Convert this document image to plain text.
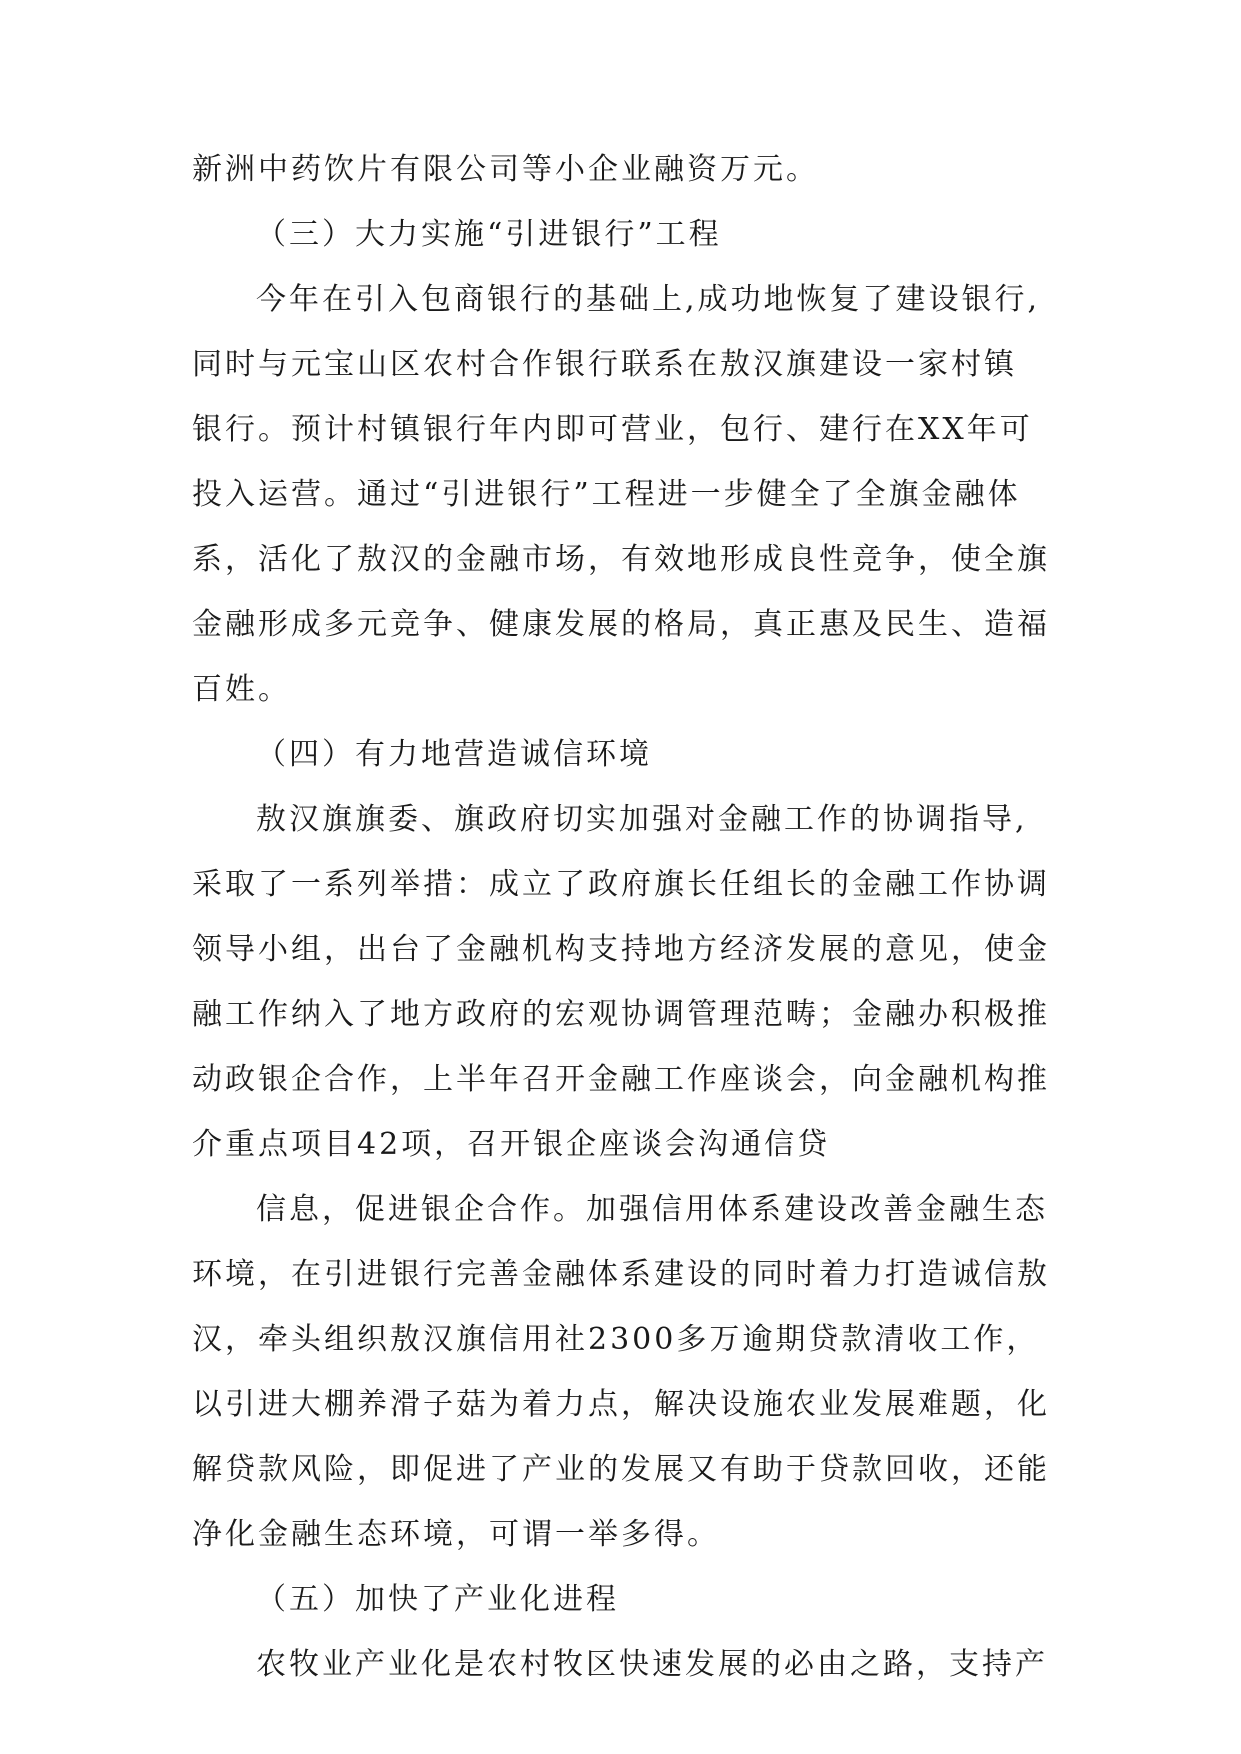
新洲中药饮片有限公司等小企业融资万元。

（三）大力实施“引进银行”工程

今年在引入包商银行的基础上,成功地恢复了建设银行,

同时与元宝山区农村合作银行联系在敖汉旗建设一家村镇

银行。预计村镇银行年内即可营业，包行、建行在XX年可

投入运营。通过“引进银行”工程进一步健全了全旗金融体

系，活化了敖汉的金融市场，有效地形成良性竞争，使全旗

金融形成多元竞争、健康发展的格局，真正惠及民生、造福

百姓。

（四）有力地营造诚信环境

敖汉旗旗委、旗政府切实加强对金融工作的协调指导,

采取了一系列举措：成立了政府旗长任组长的金融工作协调

领导小组，出台了金融机构支持地方经济发展的意见，使金

融工作纳入了地方政府的宏观协调管理范畴；金融办积极推

动政银企合作，上半年召开金融工作座谈会，向金融机构推

介重点项目42项，召开银企座谈会沟通信贷

信息，促进银企合作。加强信用体系建设改善金融生态

环境，在引进银行完善金融体系建设的同时着力打造诚信敖

汉，牵头组织敖汉旗信用社2300多万逾期贷款清收工作，

以引进大棚养滑子菇为着力点，解决设施农业发展难题，化

解贷款风险，即促进了产业的发展又有助于贷款回收，还能

净化金融生态环境，可谓一举多得。

（五）加快了产业化进程

农牧业产业化是农村牧区快速发展的必由之路，支持产
